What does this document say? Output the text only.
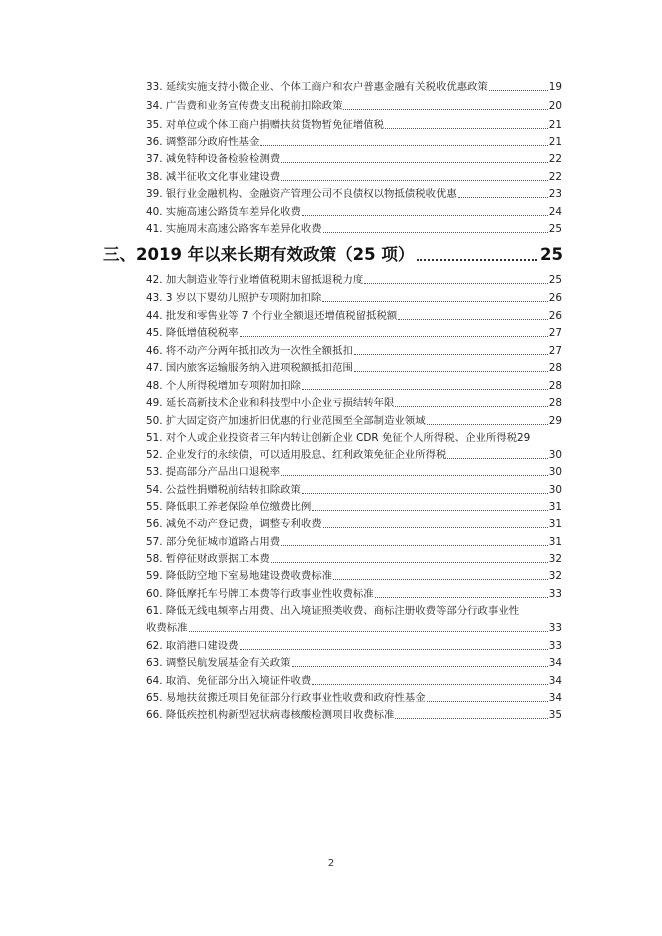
33. 延续实施支持小微企业、个体工商户和农户普惠金融有关税收优惠政策	19
34. 广告费和业务宣传费支出税前扣除政策	20
35. 对单位或个体工商户捐赠扶贫货物暂免征增值税	21
36. 调整部分政府性基金	21
37. 减免特种设备检验检测费	22
38. 减半征收文化事业建设费	22
39. 银行业金融机构、金融资产管理公司不良债权以物抵债税收优惠	23
40. 实施高速公路货车差异化收费	24
41. 实施周末高速公路客车差异化收费	25
三、2019 年以来长期有效政策（25 项）	25
42. 加大制造业等行业增值税期末留抵退税力度	25
43. 3 岁以下婴幼儿照护专项附加扣除	26
44. 批发和零售业等 7 个行业全额退还增值税留抵税额	26
45. 降低增值税税率	27
46. 将不动产分两年抵扣改为一次性全额抵扣	27
47. 国内旅客运输服务纳入进项税额抵扣范围	28
48. 个人所得税增加专项附加扣除	28
49. 延长高新技术企业和科技型中小企业亏损结转年限	28
50. 扩大固定资产加速折旧优惠的行业范围至全部制造业领域	29
51. 对个人或企业投资者三年内转让创新企业 CDR 免征个人所得税、企业所得税 29
52. 企业发行的永续债，可以适用股息、红利政策免征企业所得税	30
53. 提高部分产品出口退税率	30
54. 公益性捐赠税前结转扣除政策	30
55. 降低职工养老保险单位缴费比例	31
56. 减免不动产登记费，调整专利收费	31
57. 部分免征城市道路占用费	31
58. 暂停征财政票据工本费	32
59. 降低防空地下室易地建设费收费标准	32
60. 降低摩托车号牌工本费等行政事业性收费标准	33
61. 降低无线电频率占用费、出入境证照类收费、商标注册收费等部分行政事业性
收费标准	33
62. 取消港口建设费	33
63. 调整民航发展基金有关政策	34
64. 取消、免征部分出入境证件收费	34
65. 易地扶贫搬迁项目免征部分行政事业性收费和政府性基金	34
66. 降低疾控机构新型冠状病毒核酸检测项目收费标准	35
2
